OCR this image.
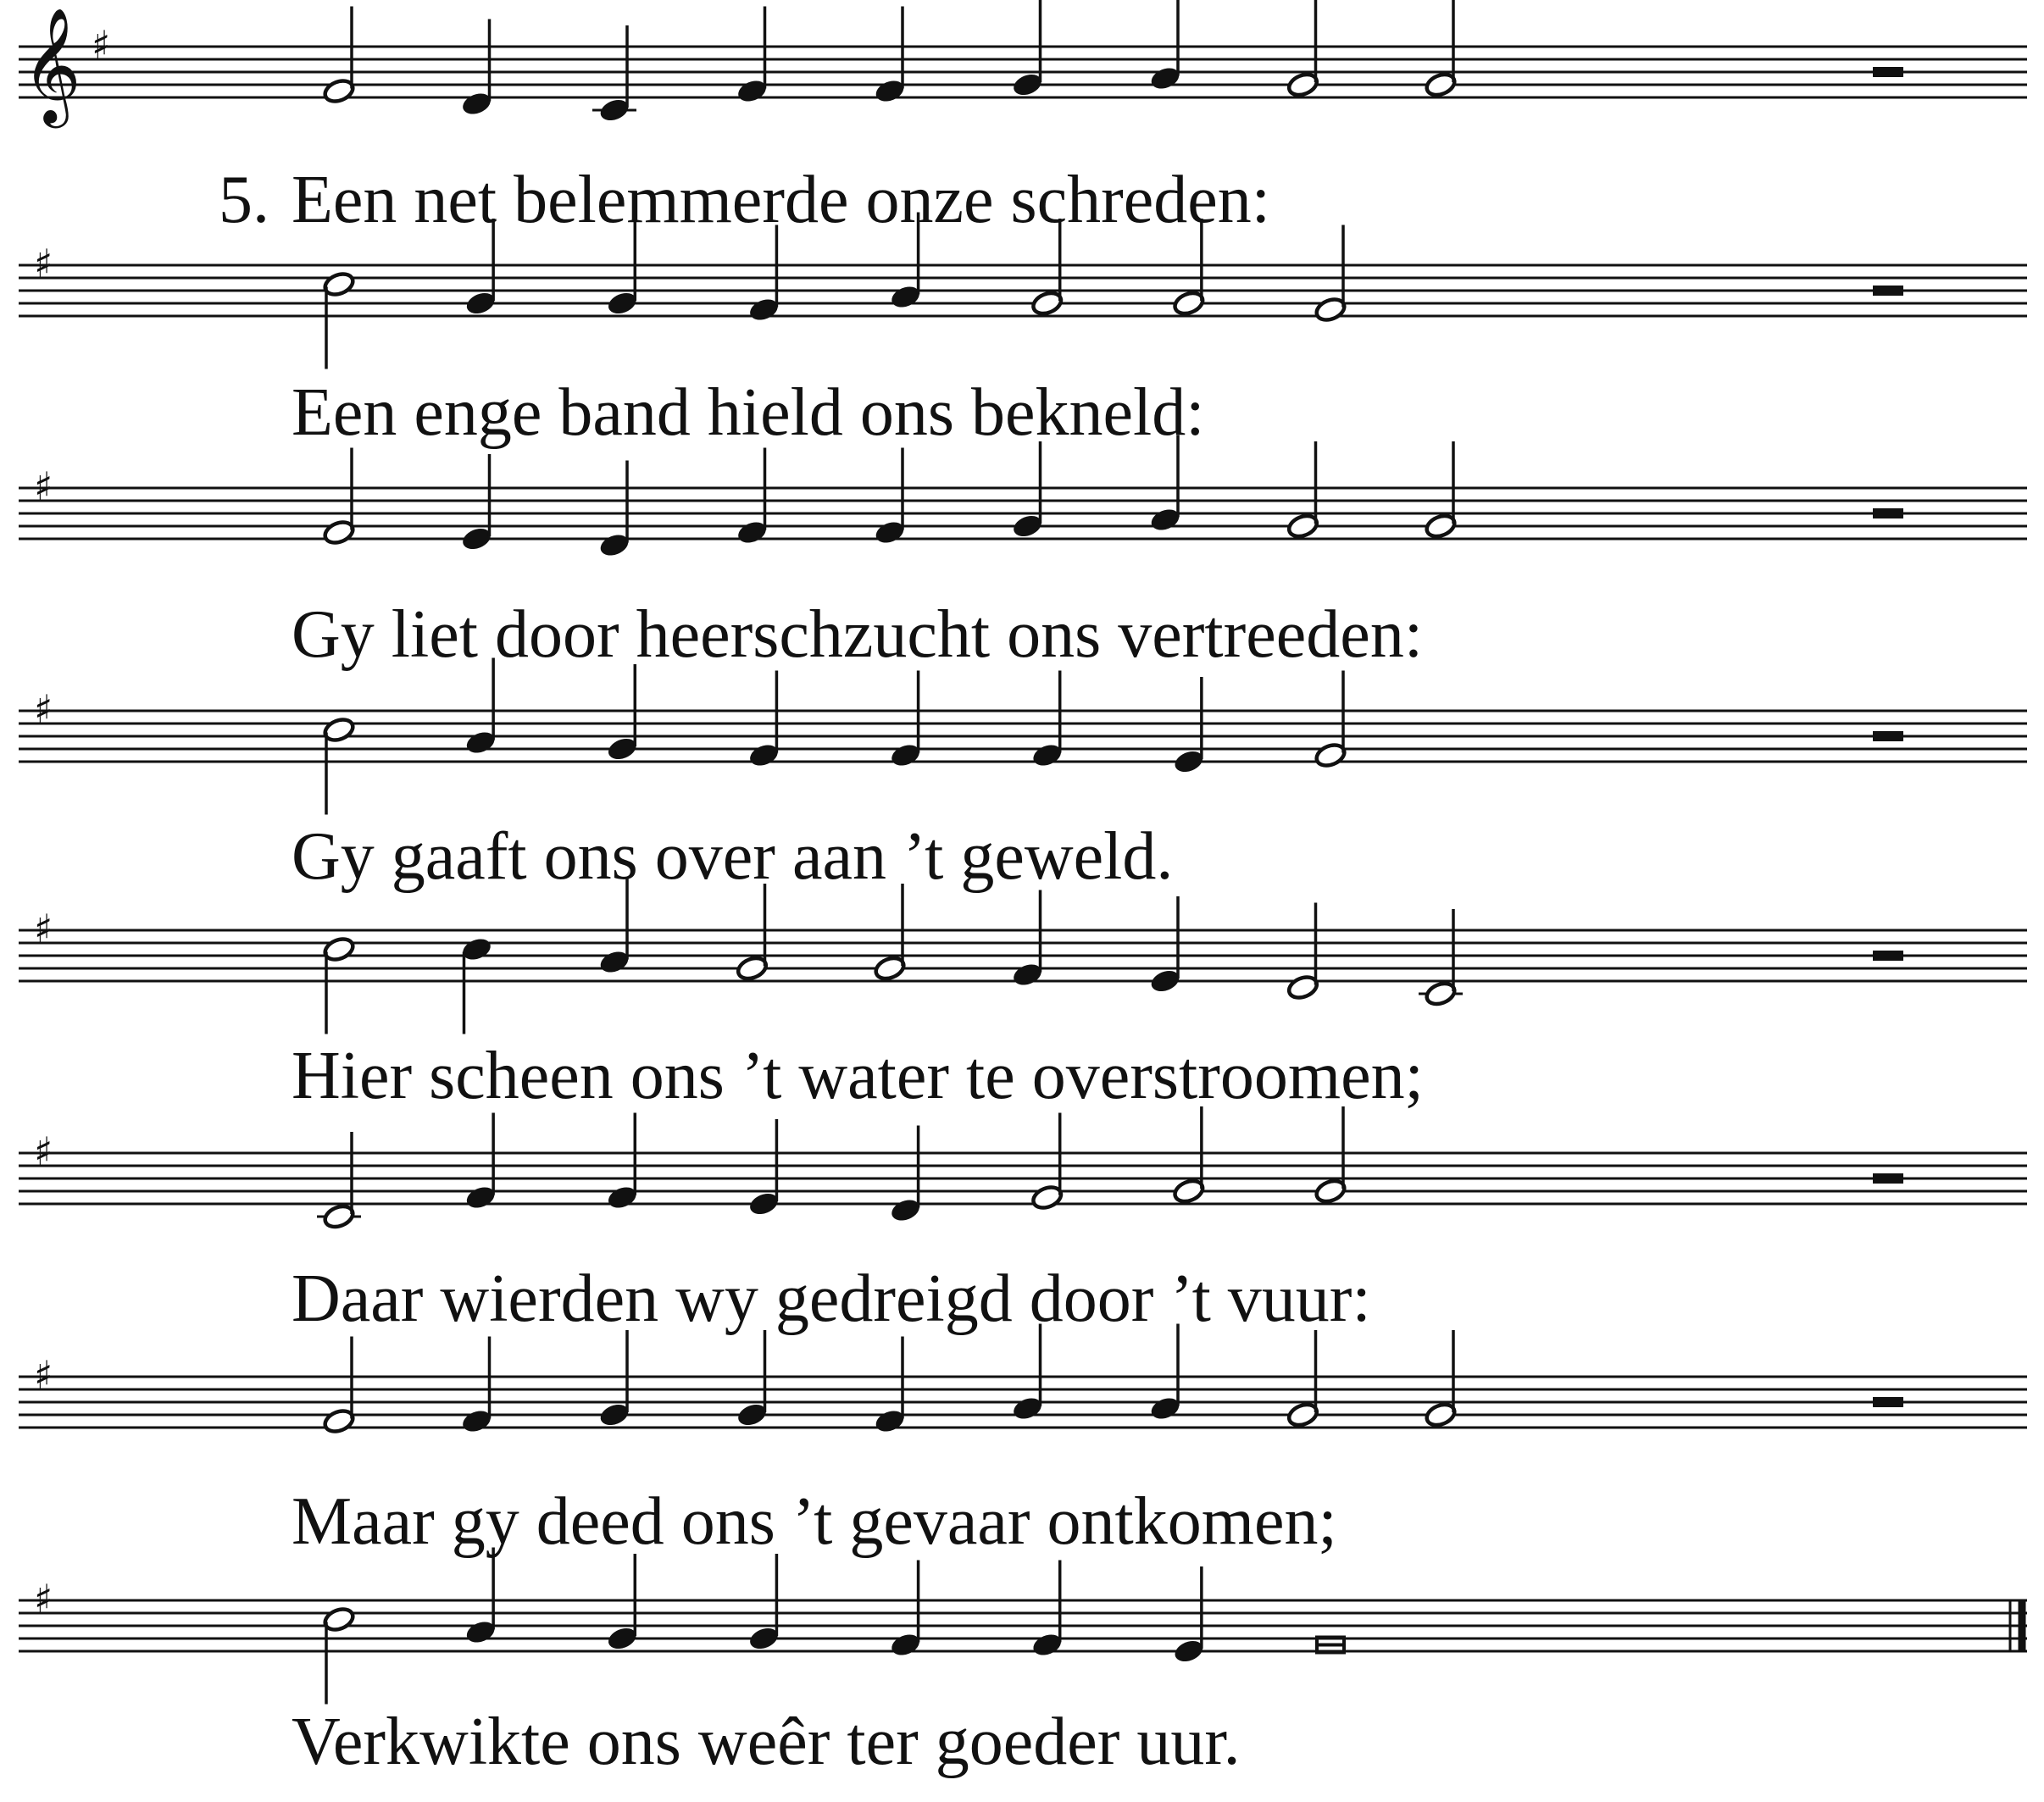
𝄞 ♯
Een net belemmerde onze schreden:
♯
Een enge band hield ons bekneld:
♯
Gy liet door heerschzucht ons vertreeden:
♯
Gy gaaft ons over aan ’t geweld.
♯
Hier scheen ons ’t water te overstroomen;
♯
Daar wierden wy gedreigd door ’t vuur:
♯
Maar gy deed ons ’t gevaar ontkomen;
♯
Verkwikte ons weêr ter goeder uur.
5.
